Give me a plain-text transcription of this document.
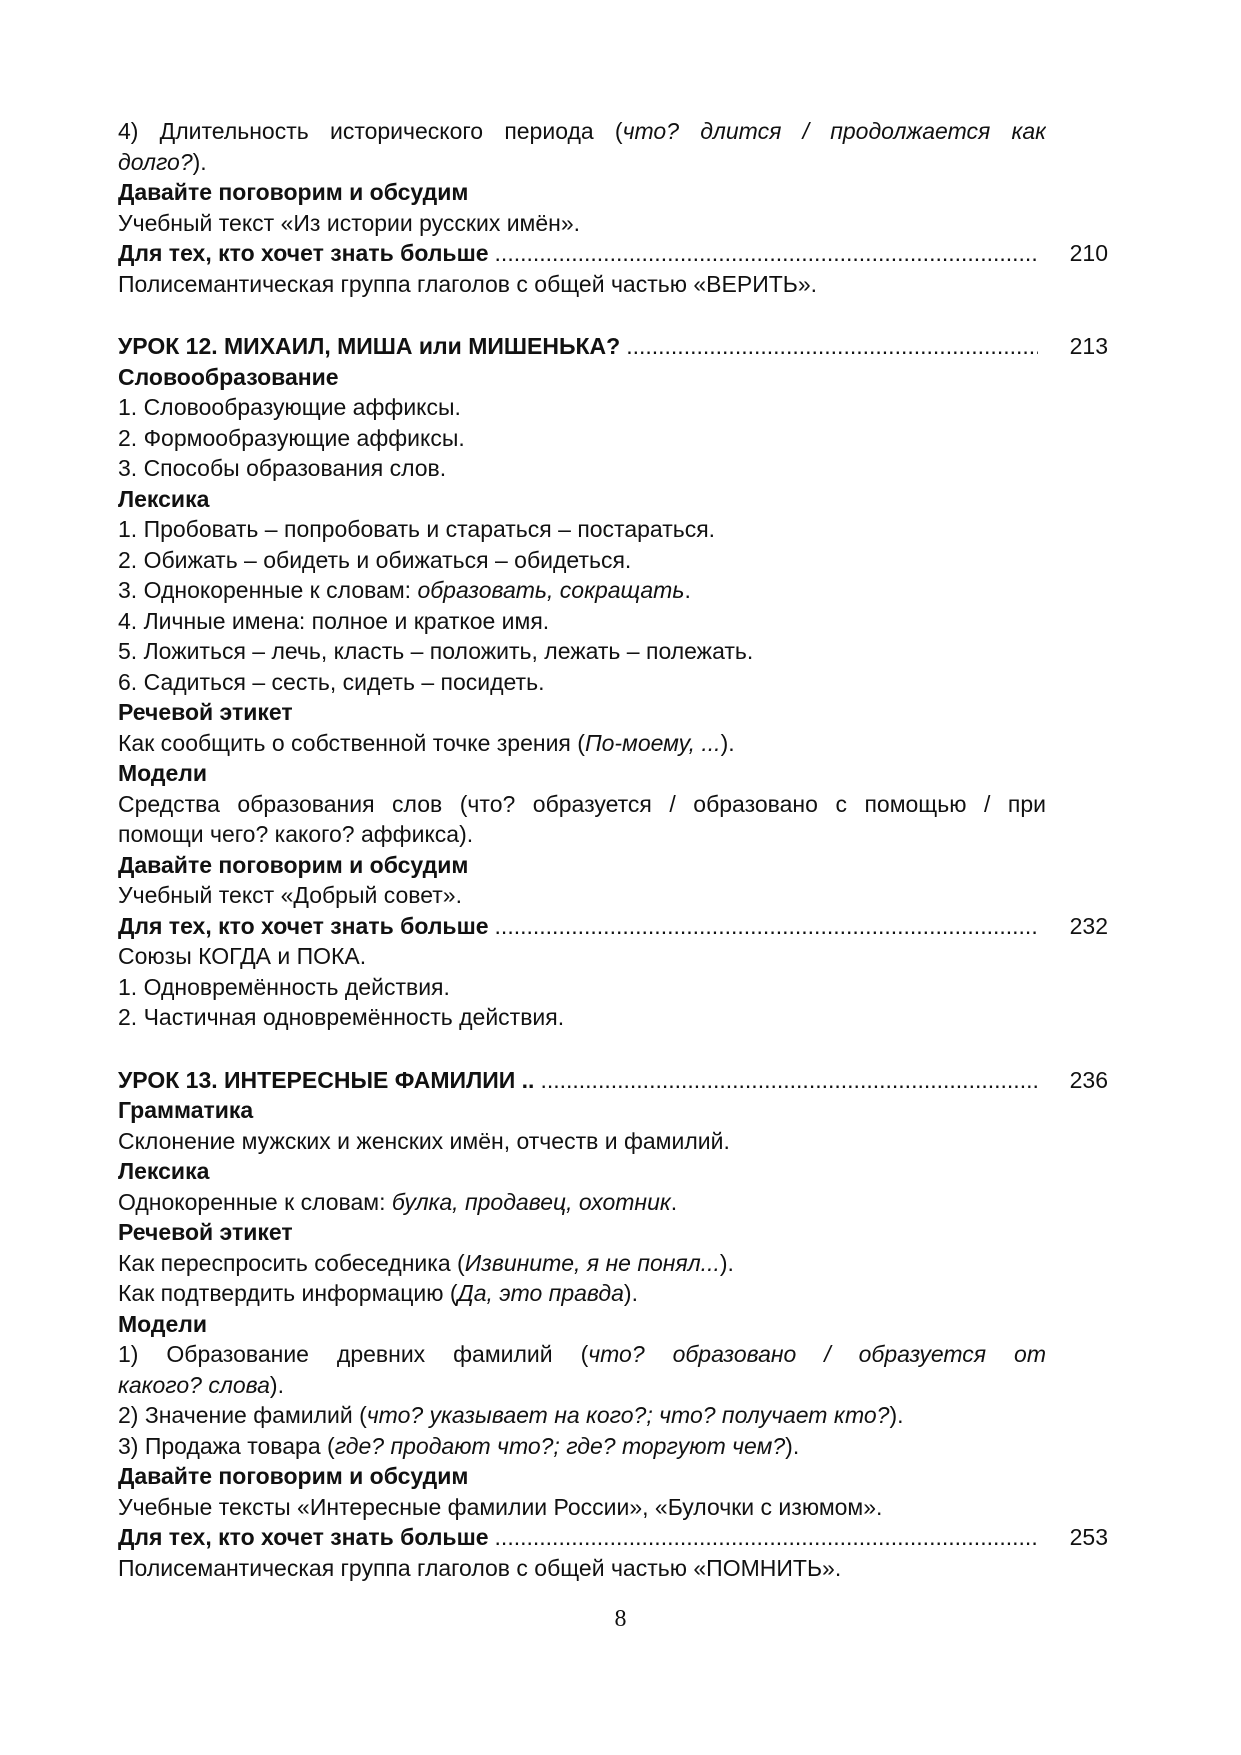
4) Длительность исторического периода (что? длится / продолжается как
долго?).
Давайте поговорим и обсудим
Учебный текст «Из истории русских имён».
Для тех, кто хочет знать больше .....	210
Полисемантическая группа глаголов с общей частью «ВЕРИТЬ».
УРОК 12. МИХАИЛ, МИША или МИШЕНЬКА? .....	213
Словообразование
1. Словообразующие аффиксы.
2. Формообразующие аффиксы.
3. Способы образования слов.
Лексика
1. Пробовать – попробовать и стараться – постараться.
2. Обижать – обидеть и обижаться – обидеться.
3. Однокоренные к словам: образовать, сокращать.
4. Личные имена: полное и краткое имя.
5. Ложиться – лечь, класть – положить, лежать – полежать.
6. Садиться – сесть, сидеть – посидеть.
Речевой этикет
Как сообщить о собственной точке зрения (По-моему, ...).
Модели
Средства образования слов (что? образуется / образовано с помощью / при
помощи чего? какого? аффикса).
Давайте поговорим и обсудим
Учебный текст «Добрый совет».
Для тех, кто хочет знать больше .....	232
Союзы КОГДА и ПОКА.
1. Одновремённость действия.
2. Частичная одновремённость действия.
УРОК 13. ИНТЕРЕСНЫЕ ФАМИЛИИ .. .....	236
Грамматика
Склонение мужских и женских имён, отчеств и фамилий.
Лексика
Однокоренные к словам: булка, продавец, охотник.
Речевой этикет
Как переспросить собеседника (Извините, я не понял...).
Как подтвердить информацию (Да, это правда).
Модели
1) Образование древних фамилий (что? образовано / образуется от
какого? слова).
2) Значение фамилий (что? указывает на кого?; что? получает кто?).
3) Продажа товара (где? продают что?; где? торгуют чем?).
Давайте поговорим и обсудим
Учебные тексты «Интересные фамилии России», «Булочки с изюмом».
Для тех, кто хочет знать больше .....	253
Полисемантическая группа глаголов с общей частью «ПОМНИТЬ».
8
